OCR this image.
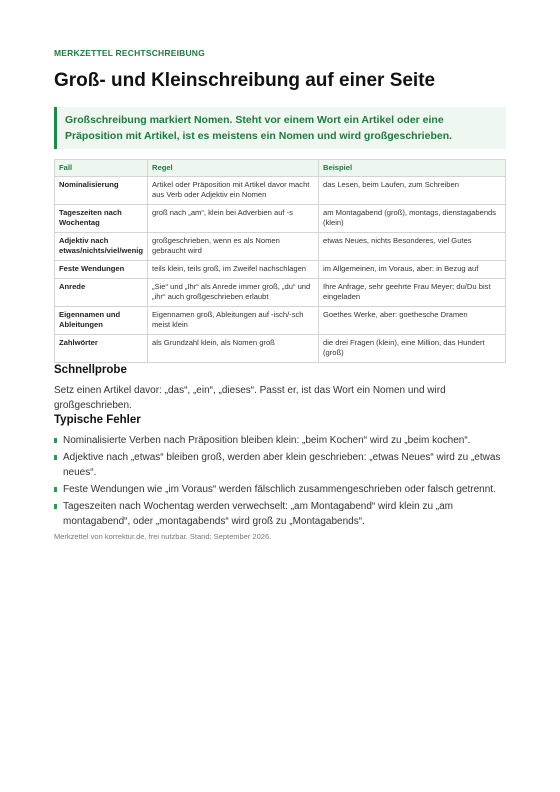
MERKZETTEL RECHTSCHREIBUNG
Groß- und Kleinschreibung auf einer Seite
Großschreibung markiert Nomen. Steht vor einem Wort ein Artikel oder eine Präposition mit Artikel, ist es meistens ein Nomen und wird großgeschrieben.
Fall	Regel	Beispiel
Nominalisierung	Artikel oder Präposition mit Artikel davor macht aus Verb oder Adjektiv ein Nomen	das Lesen, beim Laufen, zum Schreiben
Tageszeiten nach Wochentag	groß nach „am“, klein bei Adverbien auf -s	am Montagabend (groß), montags, dienstagabends (klein)
Adjektiv nach etwas/nichts/viel/wenig	großgeschrieben, wenn es als Nomen gebraucht wird	etwas Neues, nichts Besonderes, viel Gutes
Feste Wendungen	teils klein, teils groß, im Zweifel nachschlagen	im Allgemeinen, im Voraus, aber: in Bezug auf
Anrede	„Sie“ und „Ihr“ als Anrede immer groß, „du“ und „ihr“ auch großgeschrieben erlaubt	Ihre Anfrage, sehr geehrte Frau Meyer; du/Du bist eingeladen
Eigennamen und Ableitungen	Eigennamen groß, Ableitungen auf -isch/-sch meist klein	Goethes Werke, aber: goethesche Dramen
Zahlwörter	als Grundzahl klein, als Nomen groß	die drei Fragen (klein), eine Million, das Hundert (groß)
Schnellprobe

Setz einen Artikel davor: „das“, „ein“, „dieses“. Passt er, ist das Wort ein Nomen und wird großgeschrieben.

Typische Fehler
Nominalisierte Verben nach Präposition bleiben klein: „beim Kochen“ wird zu „beim kochen“.
Adjektive nach „etwas“ bleiben groß, werden aber klein geschrieben: „etwas Neues“ wird zu „etwas neues“.
Feste Wendungen wie „im Voraus“ werden fälschlich zusammengeschrieben oder falsch getrennt.
Tageszeiten nach Wochentag werden verwechselt: „am Montagabend“ wird klein zu „am montagabend“, oder „montagabends“ wird groß zu „Montagabends“.
Merkzettel von korrektur.de, frei nutzbar. Stand: September 2026.
